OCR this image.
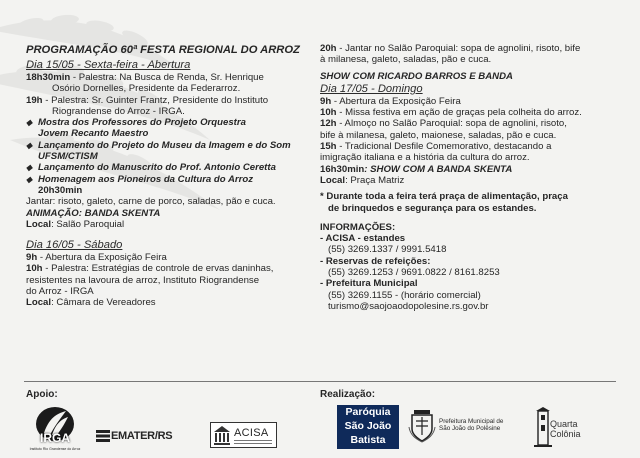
PROGRAMAÇÃO 60ª FESTA REGIONAL DO ARROZ

Dia 15/05 - Sexta-feira - Abertura

18h30min - Palestra: Na Busca de Renda, Sr. Henrique

Osório Dornelles, Presidente da Federarroz.

19h - Palestra: Sr. Guinter Frantz, Presidente do Instituto

Riograndense do Arroz - IRGA.

◆ Mostra dos Professores do Projeto Orquestra

Jovem Recanto Maestro

◆ Lançamento do Projeto do Museu da Imagem e do Som

UFSM/CTISM

◆ Lançamento do Manuscrito do Prof. Antonio Ceretta

◆ Homenagem aos Pioneiros da Cultura do Arroz

20h30min

Jantar: risoto, galeto, carne de porco, saladas, pão e cuca.

ANIMAÇÃO: BANDA SKENTA

Local: Salão Paroquial

Dia 16/05 - Sábado

9h - Abertura da Exposição Feira

10h - Palestra: Estratégias de controle de ervas daninhas,

resistentes na lavoura de arroz, Instituto Riograndense

do Arroz - IRGA

Local: Câmara de Vereadores

20h - Jantar no Salão Paroquial: sopa de agnolini, risoto, bife

à milanesa, galeto, saladas, pão e cuca.

SHOW COM RICARDO BARROS E BANDA

Dia 17/05 - Domingo

9h - Abertura da Exposição Feira

10h - Missa festiva em ação de graças pela colheita do arroz.

12h - Almoço no Salão Paroquial: sopa de agnolini, risoto,

bife à milanesa, galeto, maionese, saladas, pão e cuca.

15h - Tradicional Desfile Comemorativo, destacando a

imigração italiana e a história da cultura do arroz.

16h30min: SHOW COM A BANDA SKENTA

Local: Praça Matriz

* Durante toda a feira terá praça de alimentação, praça

de brinquedos e segurança para os estandes.

INFORMAÇÕES:

- ACISA - estandes

(55) 3269.1337 / 9991.5418

- Reservas de refeições:

(55) 3269.1253 / 9691.0822 / 8161.8253

- Prefeitura Municipal

(55) 3269.1155 - (horário comercial)

turismo@saojoaodopolesine.rs.gov.br

Apoio:	Realização:
IRGA
Instituto Rio Grandense do Arroz
EMATER/RS	ACISA
Paróquia
São João
Batista
Prefeitura Municipal de
São João do Polêsine	Quarta
Colônia
